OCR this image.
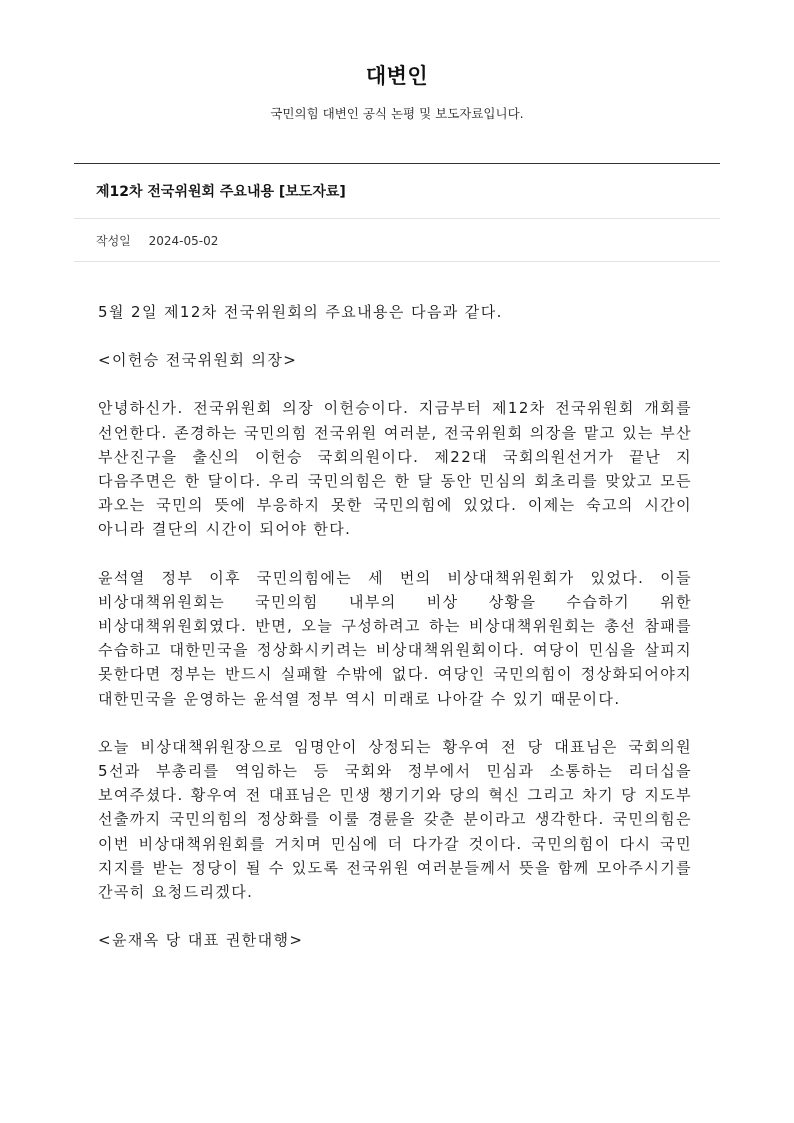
대변인
국민의힘 대변인 공식 논평 및 보도자료입니다.
제12차 전국위원회 주요내용 [보도자료]
작성일 2024-05-02

5월 2일 제12차 전국위원회의 주요내용은 다음과 같다.

<이헌승 전국위원회 의장>

안녕하신가. 전국위원회 의장 이헌승이다. 지금부터 제12차 전국위원회 개회를 선언한다. 존경하는 국민의힘 전국위원 여러분, 전국위원회 의장을 맡고 있는 부산 부산진구을 출신의 이헌승 국회의원이다. 제22대 국회의원선거가 끝난 지 다음주면은 한 달이다. 우리 국민의힘은 한 달 동안 민심의 회초리를 맞았고 모든 과오는 국민의 뜻에 부응하지 못한 국민의힘에 있었다. 이제는 숙고의 시간이 아니라 결단의 시간이 되어야 한다.

윤석열 정부 이후 국민의힘에는 세 번의 비상대책위원회가 있었다. 이들 비상대책위원회는 국민의힘 내부의 비상 상황을 수습하기 위한 비상대책위원회였다. 반면, 오늘 구성하려고 하는 비상대책위원회는 총선 참패를 수습하고 대한민국을 정상화시키려는 비상대책위원회이다. 여당이 민심을 살피지 못한다면 정부는 반드시 실패할 수밖에 없다. 여당인 국민의힘이 정상화되어야지 대한민국을 운영하는 윤석열 정부 역시 미래로 나아갈 수 있기 때문이다.

오늘 비상대책위원장으로 임명안이 상정되는 황우여 전 당 대표님은 국회의원 5선과 부총리를 역임하는 등 국회와 정부에서 민심과 소통하는 리더십을 보여주셨다. 황우여 전 대표님은 민생 챙기기와 당의 혁신 그리고 차기 당 지도부 선출까지 국민의힘의 정상화를 이룰 경륜을 갖춘 분이라고 생각한다. 국민의힘은 이번 비상대책위원회를 거치며 민심에 더 다가갈 것이다. 국민의힘이 다시 국민 지지를 받는 정당이 될 수 있도록 전국위원 여러분들께서 뜻을 함께 모아주시기를 간곡히 요청드리겠다.

<윤재옥 당 대표 권한대행>
